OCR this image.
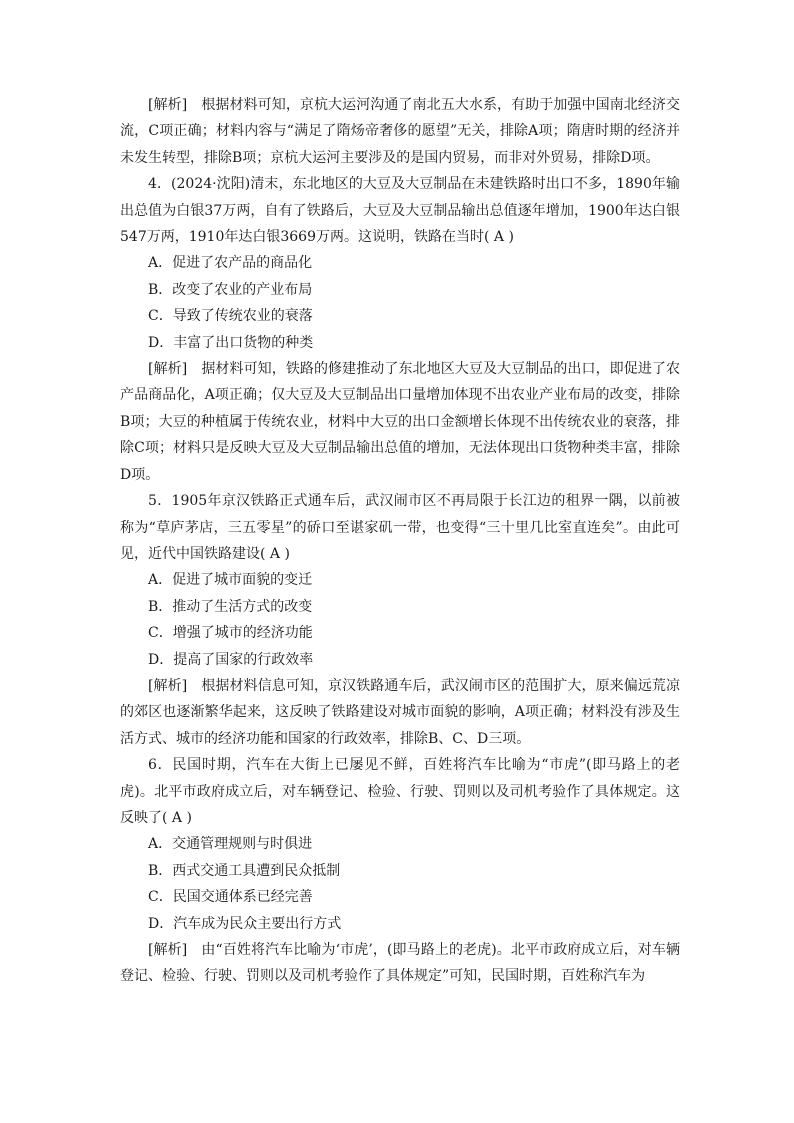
[解析]　根据材料可知，京杭大运河沟通了南北五大水系，有助于加强中国南北经济交流，C项正确；材料内容与“满足了隋炀帝奢侈的愿望”无关，排除A项；隋唐时期的经济并未发生转型，排除B项；京杭大运河主要涉及的是国内贸易，而非对外贸易，排除D项。

4．(2024·沈阳)清末，东北地区的大豆及大豆制品在未建铁路时出口不多，1890年输出总值为白银37万两，自有了铁路后，大豆及大豆制品输出总值逐年增加，1900年达白银547万两，1910年达白银3669万两。这说明，铁路在当时( A )

A．促进了农产品的商品化

B．改变了农业的产业布局

C．导致了传统农业的衰落

D．丰富了出口货物的种类

[解析]　据材料可知，铁路的修建推动了东北地区大豆及大豆制品的出口，即促进了农产品商品化，A项正确；仅大豆及大豆制品出口量增加体现不出农业产业布局的改变，排除B项；大豆的种植属于传统农业，材料中大豆的出口金额增长体现不出传统农业的衰落，排除C项；材料只是反映大豆及大豆制品输出总值的增加，无法体现出口货物种类丰富，排除D项。

5．1905年京汉铁路正式通车后，武汉闹市区不再局限于长江边的租界一隅，以前被称为“草庐茅店，三五零星”的硚口至谌家矶一带，也变得“三十里几比室直连矣”。由此可见，近代中国铁路建设( A )

A．促进了城市面貌的变迁

B．推动了生活方式的改变

C．增强了城市的经济功能

D．提高了国家的行政效率

[解析]　根据材料信息可知，京汉铁路通车后，武汉闹市区的范围扩大，原来偏远荒凉的郊区也逐渐繁华起来，这反映了铁路建设对城市面貌的影响，A项正确；材料没有涉及生活方式、城市的经济功能和国家的行政效率，排除B、C、D三项。

6．民国时期，汽车在大街上已屡见不鲜，百姓将汽车比喻为“市虎”(即马路上的老虎)。北平市政府成立后，对车辆登记、检验、行驶、罚则以及司机考验作了具体规定。这反映了( A )

A．交通管理规则与时俱进

B．西式交通工具遭到民众抵制

C．民国交通体系已经完善

D．汽车成为民众主要出行方式

[解析]　由“百姓将汽车比喻为‘市虎’，(即马路上的老虎)。北平市政府成立后，对车辆登记、检验、行驶、罚则以及司机考验作了具体规定”可知，民国时期，百姓称汽车为
